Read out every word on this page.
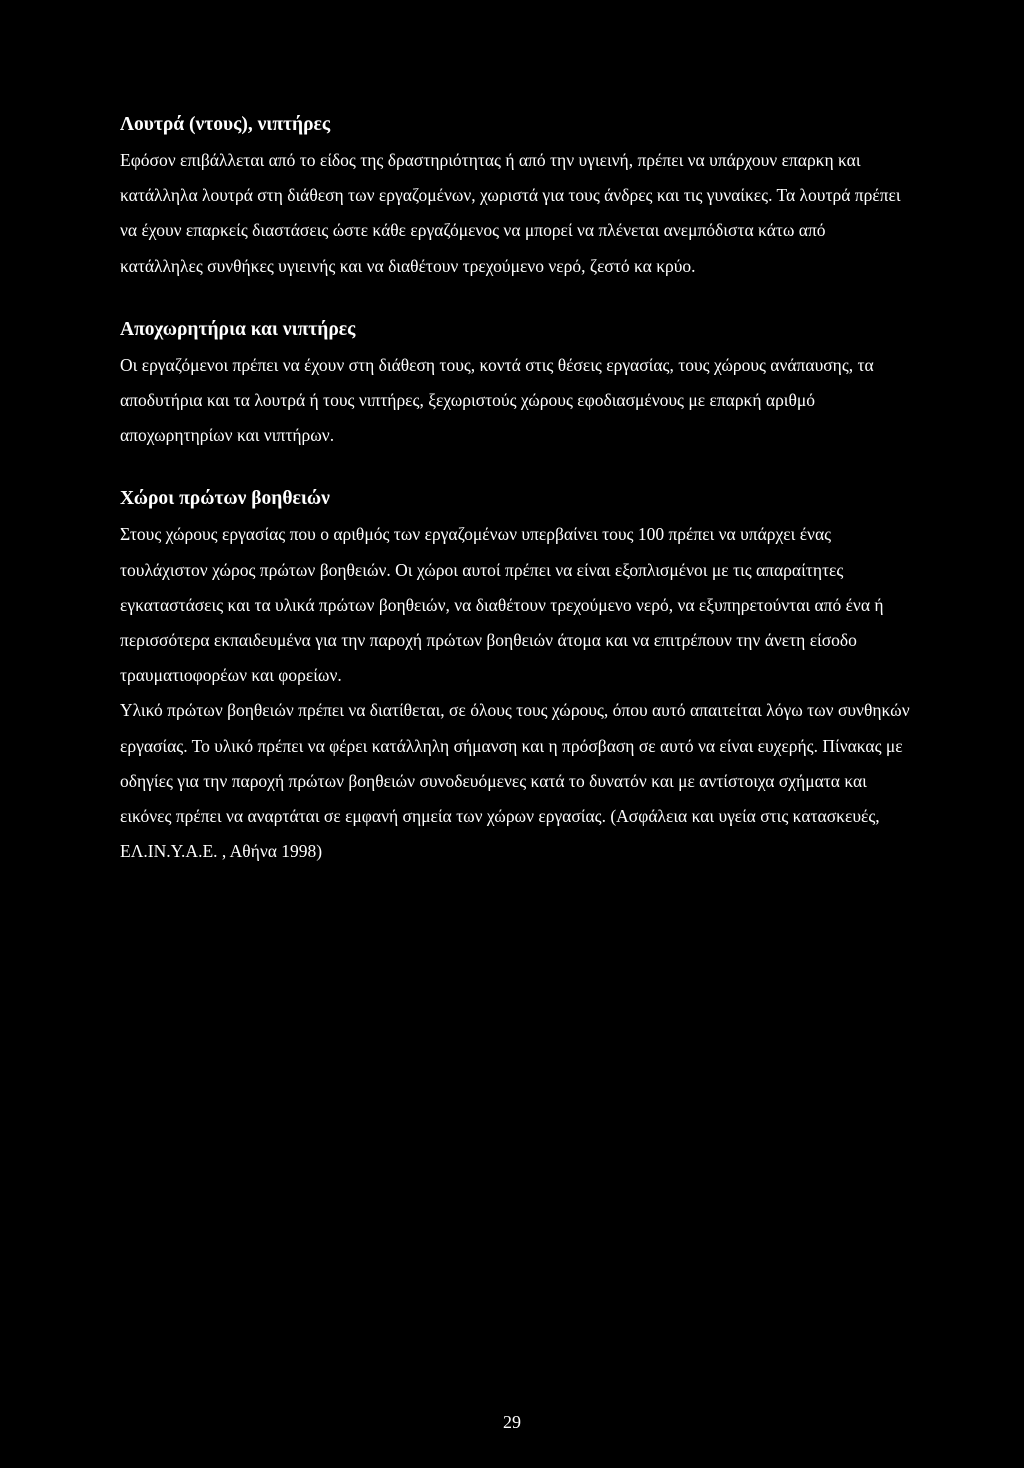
Λουτρά (ντους), νιπτήρες

Εφόσον επιβάλλεται από το είδος της δραστηριότητας ή από την υγιεινή, πρέπει να υπάρχουν επαρκη και κατάλληλα λουτρά στη διάθεση των εργαζομένων, χωριστά για τους άνδρες και τις γυναίκες. Τα λουτρά πρέπει να έχουν επαρκείς διαστάσεις ώστε κάθε εργαζόμενος να μπορεί να πλένεται ανεμπόδιστα κάτω από κατάλληλες συνθήκες υγιεινής και να διαθέτουν τρεχούμενο νερό, ζεστό κα κρύο.

Αποχωρητήρια και νιπτήρες

Οι εργαζόμενοι πρέπει να έχουν στη διάθεση τους, κοντά στις θέσεις εργασίας, τους χώρους ανάπαυσης, τα αποδυτήρια και τα λουτρά ή τους νιπτήρες, ξεχωριστούς χώρους εφοδιασμένους με επαρκή αριθμό αποχωρητηρίων και νιπτήρων.

Χώροι πρώτων βοηθειών

Στους χώρους εργασίας που ο αριθμός των εργαζομένων υπερβαίνει τους 100 πρέπει να υπάρχει ένας τουλάχιστον χώρος πρώτων βοηθειών. Οι χώροι αυτοί πρέπει να είναι εξοπλισμένοι με τις απαραίτητες εγκαταστάσεις και τα υλικά πρώτων βοηθειών, να διαθέτουν τρεχούμενο νερό, να εξυπηρετούνται από ένα ή περισσότερα εκπαιδευμένα για την παροχή πρώτων βοηθειών άτομα και να επιτρέπουν την άνετη είσοδο τραυματιοφορέων και φορείων.

Υλικό πρώτων βοηθειών πρέπει να διατίθεται, σε όλους τους χώρους, όπου αυτό απαιτείται λόγω των συνθηκών εργασίας. Το υλικό πρέπει να φέρει κατάλληλη σήμανση και η πρόσβαση σε αυτό να είναι ευχερής. Πίνακας με οδηγίες για την παροχή πρώτων βοηθειών συνοδευόμενες κατά το δυνατόν και με αντίστοιχα σχήματα και εικόνες πρέπει να αναρτάται σε εμφανή σημεία των χώρων εργασίας. (Ασφάλεια και υγεία στις κατασκευές, ΕΛ.ΙΝ.Υ.Α.Ε. , Αθήνα 1998)

29
